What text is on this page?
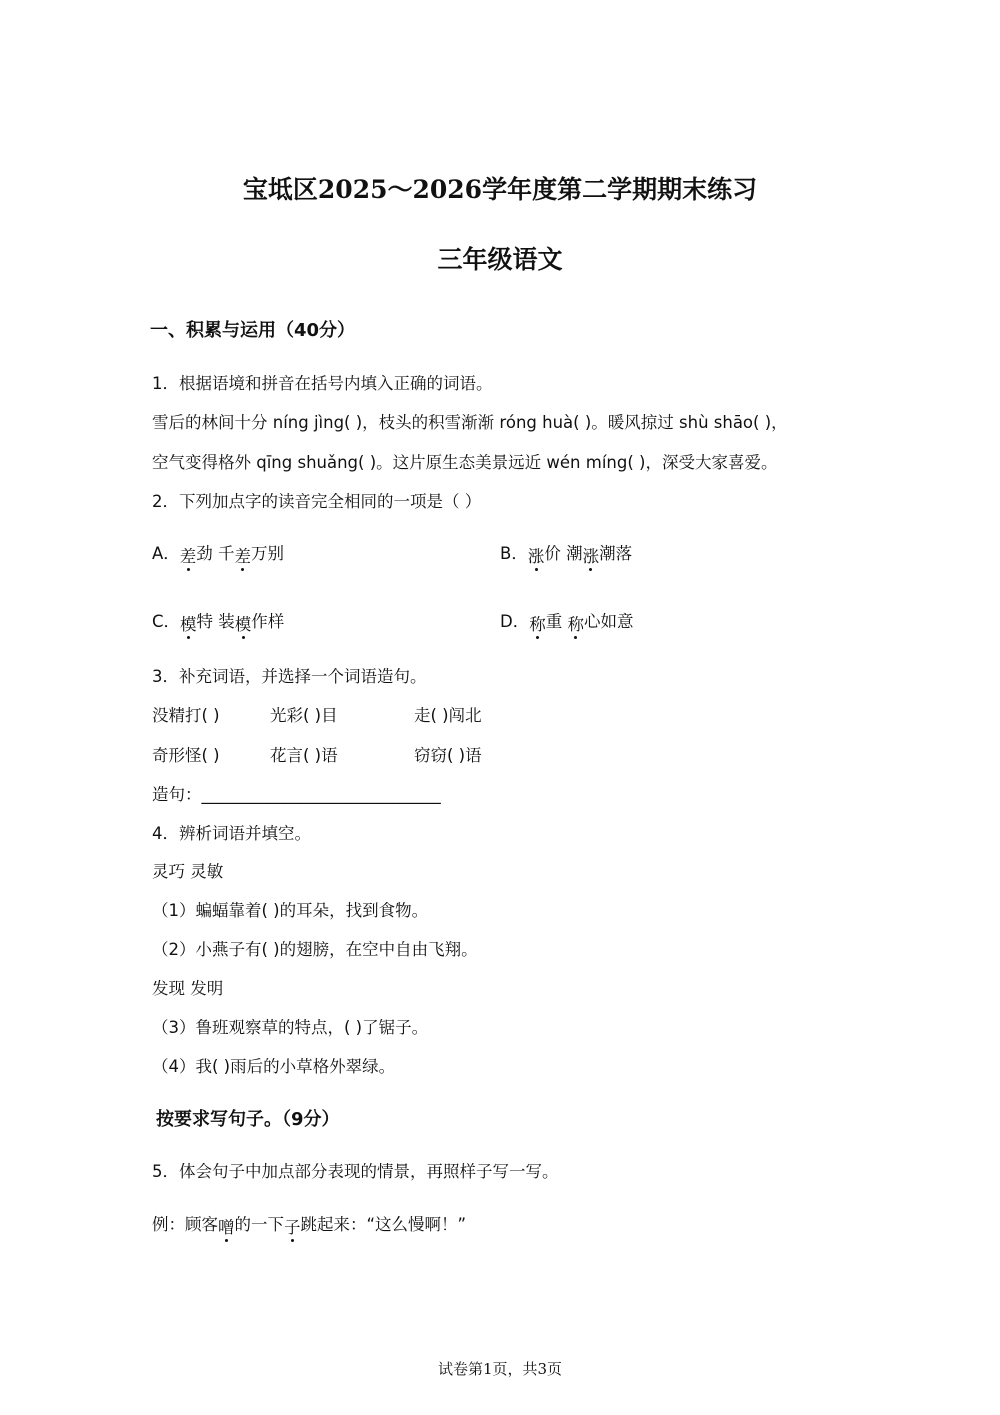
宝坻区2025～2026学年度第二学期期末练习
三年级语文
一、积累与运用（40分）
1．根据语境和拼音在括号内填入正确的词语。
雪后的林间十分 níng jìng( )，枝头的积雪渐渐 róng huà( )。暖风掠过 shù shāo( )，
空气变得格外 qīng shuǎng( )。这片原生态美景远近 wén míng( )，深受大家喜爱。
2．下列加点字的读音完全相同的一项是（ ）
A．差劲 千差万别	B．涨价 潮涨潮落
C．模特 装模作样	D．称重 称心如意
3．补充词语，并选择一个词语造句。
没精打( )	光彩( )目	走( )闯北
奇形怪( )	花言( )语	窃窃( )语
造句：_____________________________
4．辨析词语并填空。
灵巧 灵敏
（1）蝙蝠靠着( )的耳朵，找到食物。
（2）小燕子有( )的翅膀，在空中自由飞翔。
发现 发明
（3）鲁班观察草的特点，( )了锯子。
（4）我( )雨后的小草格外翠绿。
按要求写句子。（9分）
5．体会句子中加点部分表现的情景，再照样子写一写。
例：顾客噌的一下子跳起来：“这么慢啊！”
试卷第1页，共3页
